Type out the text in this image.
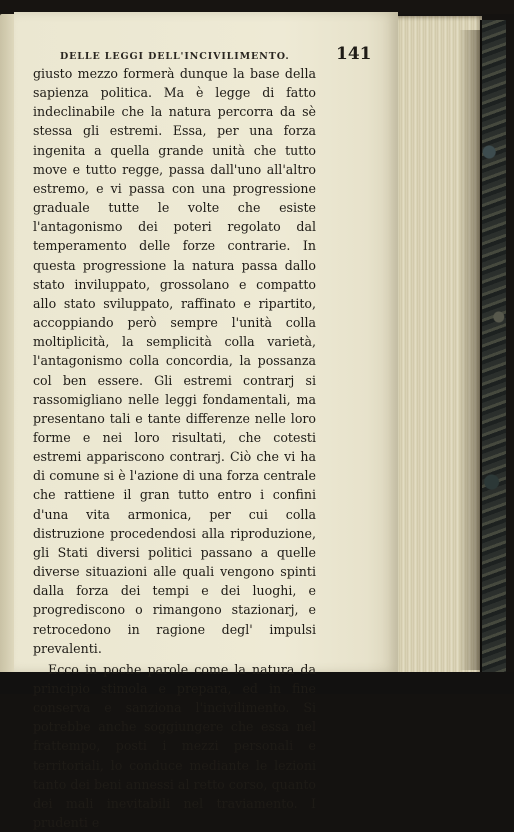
DELLE LEGGI DELL'INCIVILIMENTO.	141

giusto mezzo formerà dunque la base della sapienza politica. Ma è legge di fatto indeclinabile che la natura percorra da sè stessa gli estremi. Essa, per una forza ingenita a quella grande unità che tutto move e tutto regge, passa dall'uno all'altro estremo, e vi passa con una progressione graduale tutte le volte che esiste l'antagonismo dei poteri regolato dal temperamento delle forze contrarie. In questa progressione la natura passa dallo stato inviluppato, grossolano e compatto allo stato sviluppato, raffinato e ripartito, accoppiando però sempre l'unità colla moltiplicità, la semplicità colla varietà, l'antagonismo colla concordia, la possanza col ben essere. Gli estremi contrarj si rassomigliano nelle leggi fondamentali, ma presentano tali e tante differenze nelle loro forme e nei loro risultati, che cotesti estremi appariscono contrarj. Ciò che vi ha di comune si è l'azione di una forza centrale che rattiene il gran tutto entro i confini d'una vita armonica, per cui colla distruzione procedendosi alla riproduzione, gli Stati diversi politici passano a quelle diverse situazioni alle quali vengono spinti dalla forza dei tempi e dei luoghi, e progrediscono o rimangono stazionarj, e retrocedono in ragione degl' impulsi prevalenti.

Ecco in poche parole come la natura da principio stimola e prepara, ed in fine conserva e sanziona l'incivilimento. Si potrebbe anche soggiungere che essa nel frattempo, posti i mezzi personali e territoriali, lo conduce mediante le lezioni tanto dei beni annessi al retto corso, quanto dei mali inevitabili nel traviamento. I prudenti e
